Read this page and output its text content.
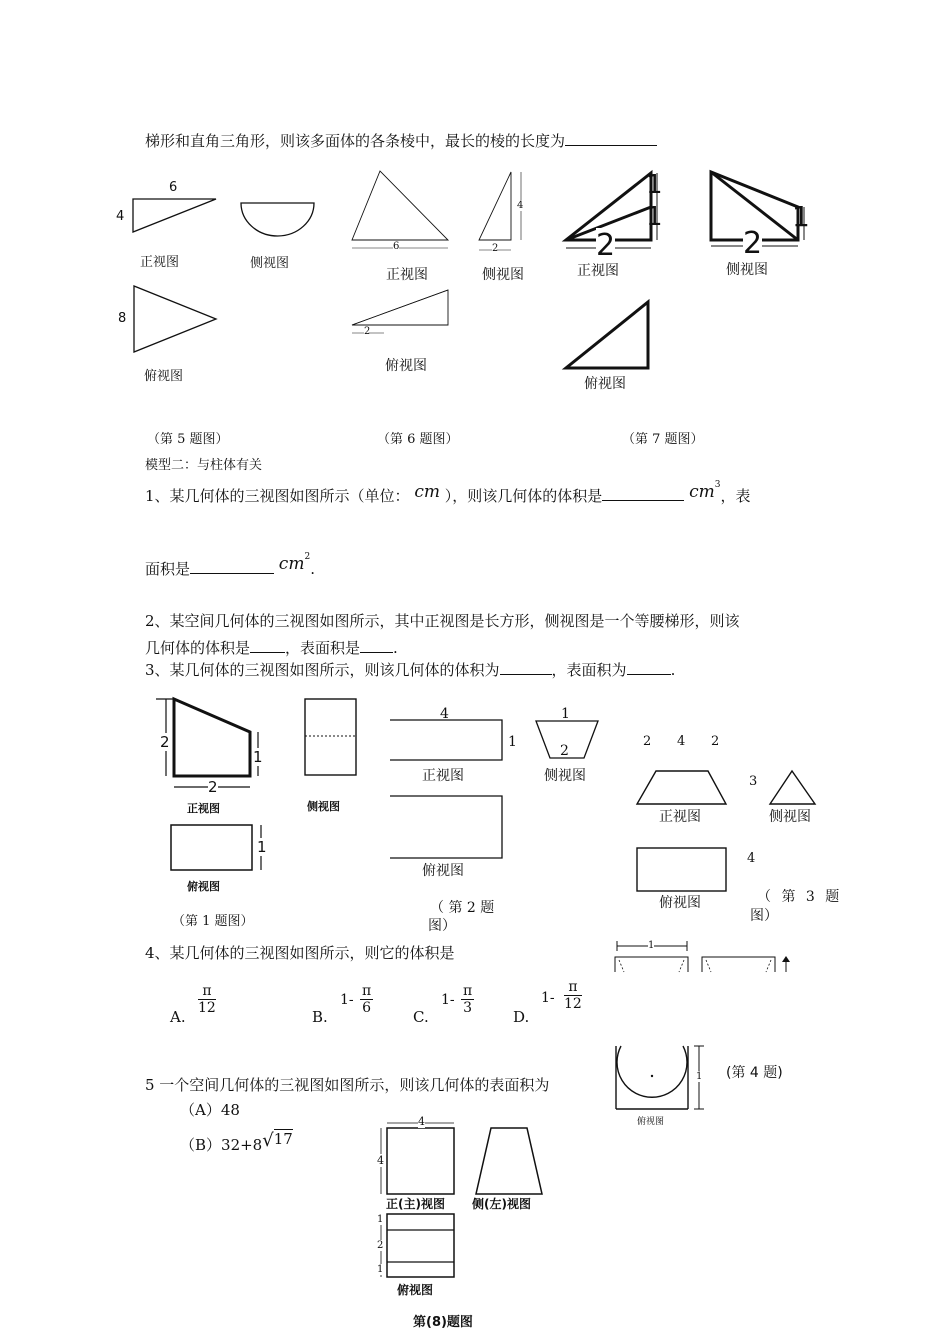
梯形和直角三角形，则该多面体的各条棱中，最长的棱的长度为
6
4
正视图	侧视图
8
俯视图
（第 5 题图）
6
4
2
正视图	侧视图
2
俯视图
（第 6 题图）
1
1
2
正视图
2
1
侧视图
俯视图
（第 7 题图）
模型二：与柱体有关
1、某几何体的三视图如图所示（单位： cm ），则该几何体的体积是	$cm^3$，表
面积是	$cm^2$.
2、某空间几何体的三视图如图所示，其中正视图是长方形，侧视图是一个等腰梯形，则该
几何体的体积是 ，表面积是 .
3、某几何体的三视图如图所示，则该几何体的体积为	，表面积为	.
2
2
1
正视图
1
俯视图
（第 1 题图）
侧视图
4
1
正视图
1
2
侧视图
俯视图
（ 第 2 题
图）
2 4 2
正视图
3
侧视图
4
俯视图	（ 第 3 题
图）
4、某几何体的三视图如图所示，则它的体积是
A.
$\frac{\pi}{12}$
B.
$1- \frac{\pi}{6}$
C.
$1- \frac{\pi}{3}$
D.
$1- \frac{\pi}{12}$
1
1
俯视图
(第 4 题)
5 一个空间几何体的三视图如图所示，则该几何体的表面积为
（A）48
（B）32+8√17
4
4
正(主)视图 侧(左)视图
1
2
1
俯视图
第(8)题图
